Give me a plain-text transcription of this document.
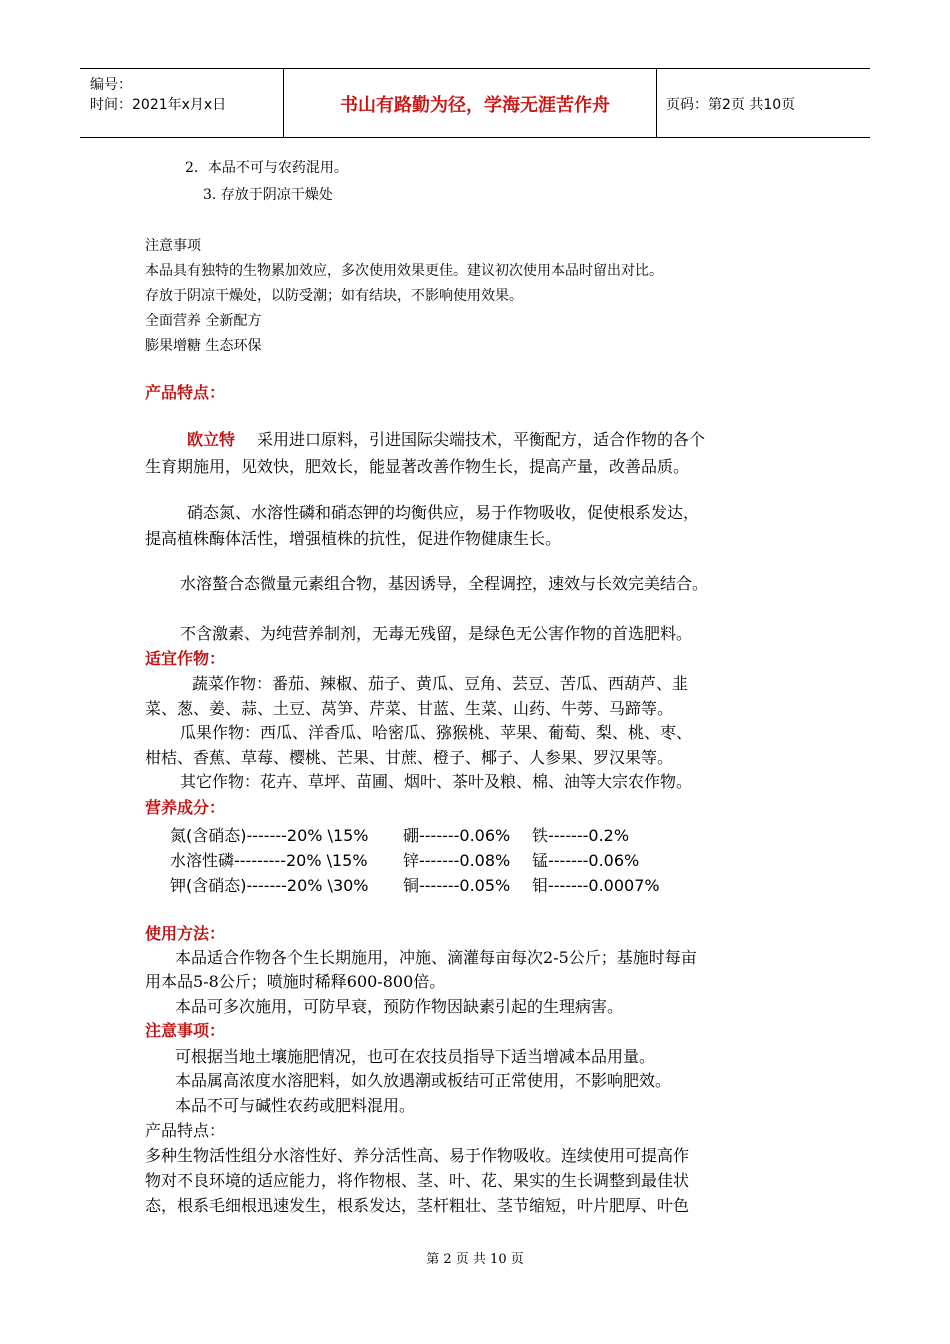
编号：
时间：2021年x月x日	书山有路勤为径，学海无涯苦作舟	页码：第2页 共10页
2．本品不可与农药混用。
3. 存放于阴凉干燥处
注意事项
本品具有独特的生物累加效应，多次使用效果更佳。建议初次使用本品时留出对比。
存放于阴凉干燥处，以防受潮；如有结块，不影响使用效果。
全面营养 全新配方
膨果增糖 生态环保
产品特点：
欧立特 采用进口原料，引进国际尖端技术，平衡配方，适合作物的各个
生育期施用，见效快，肥效长，能显著改善作物生长，提高产量，改善品质。
硝态氮、水溶性磷和硝态钾的均衡供应，易于作物吸收，促使根系发达，
提高植株酶体活性，增强植株的抗性，促进作物健康生长。
水溶螯合态微量元素组合物，基因诱导，全程调控，速效与长效完美结合。
不含激素、为纯营养制剂，无毒无残留，是绿色无公害作物的首选肥料。
适宜作物：
蔬菜作物：番茄、辣椒、茄子、黄瓜、豆角、芸豆、苦瓜、西葫芦、韭
菜、葱、姜、蒜、土豆、莴笋、芹菜、甘蓝、生菜、山药、牛蒡、马蹄等。
瓜果作物：西瓜、洋香瓜、哈密瓜、猕猴桃、苹果、葡萄、梨、桃、枣、
柑桔、香蕉、草莓、樱桃、芒果、甘蔗、橙子、椰子、人参果、罗汉果等。
其它作物：花卉、草坪、苗圃、烟叶、茶叶及粮、棉、油等大宗农作物。
营养成分：
氮(含硝态)-------20% \15% 硼-------0.06% 铁-------0.2%
水溶性磷---------20% \15% 锌-------0.08% 锰-------0.06%
钾(含硝态)-------20% \30% 铜-------0.05% 钼-------0.0007%
使用方法：
本品适合作物各个生长期施用，冲施、滴灌每亩每次2-5公斤；基施时每亩
用本品5-8公斤；喷施时稀释600-800倍。
本品可多次施用，可防早衰，预防作物因缺素引起的生理病害。
注意事项：
可根据当地土壤施肥情况，也可在农技员指导下适当增减本品用量。
本品属高浓度水溶肥料，如久放遇潮或板结可正常使用，不影响肥效。
本品不可与碱性农药或肥料混用。
产品特点：
多种生物活性组分水溶性好、养分活性高、易于作物吸收。连续使用可提高作
物对不良环境的适应能力，将作物根、茎、叶、花、果实的生长调整到最佳状
态，根系毛细根迅速发生，根系发达，茎杆粗壮、茎节缩短，叶片肥厚、叶色
第 2 页 共 10 页
